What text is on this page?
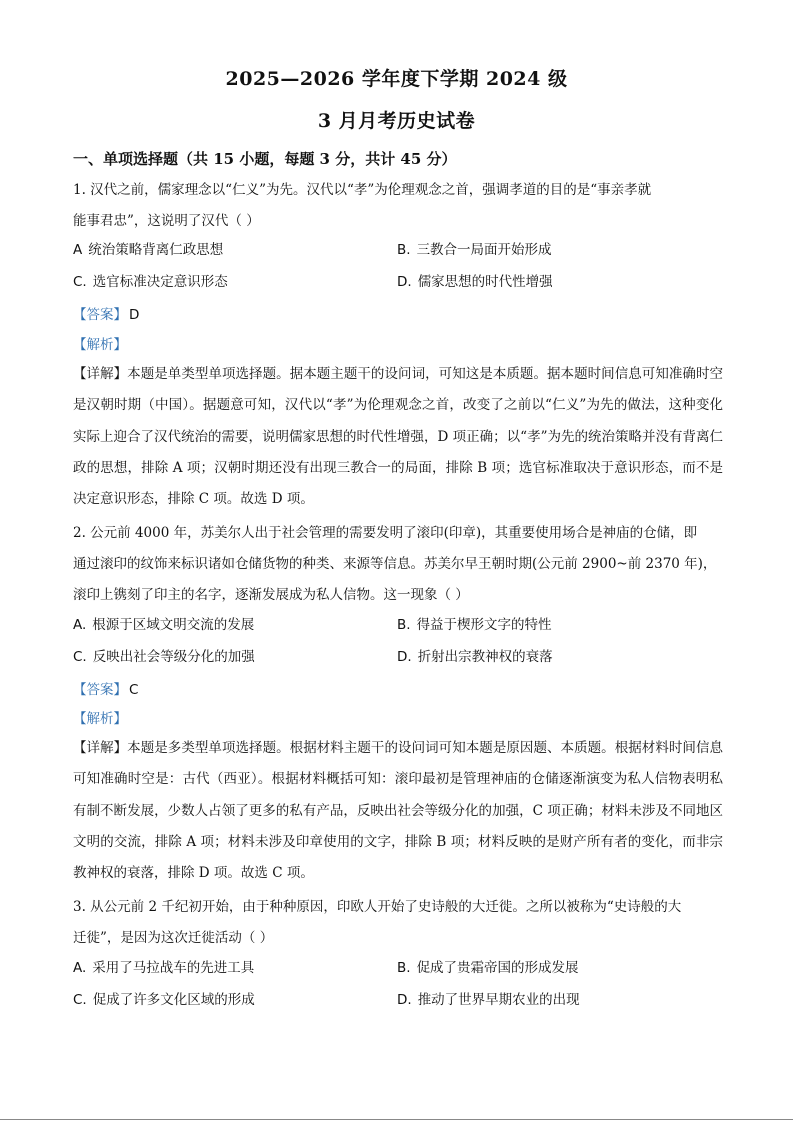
2025—2026 学年度下学期 2024 级
3 月月考历史试卷
一、单项选择题（共 15 小题，每题 3 分，共计 45 分）
1. 汉代之前，儒家理念以“仁义”为先。汉代以“孝”为伦理观念之首，强调孝道的目的是“事亲孝就
能事君忠”，这说明了汉代（ ）
A 统治策略背离仁政思想	B. 三教合一局面开始形成
C. 选官标准决定意识形态	D. 儒家思想的时代性增强
【答案】 D
【解析】
【详解】本题是单类型单项选择题。据本题主题干的设问词，可知这是本质题。据本题时间信息可知准确时空是汉朝时期（中国）。据题意可知，汉代以“孝”为伦理观念之首，改变了之前以“仁义”为先的做法，这种变化实际上迎合了汉代统治的需要，说明儒家思想的时代性增强，D 项正确；以“孝”为先的统治策略并没有背离仁政的思想，排除 A 项；汉朝时期还没有出现三教合一的局面，排除 B 项；选官标准取决于意识形态，而不是决定意识形态，排除 C 项。故选 D 项。
2. 公元前 4000 年，苏美尔人出于社会管理的需要发明了滚印(印章)，其重要使用场合是神庙的仓储，即
通过滚印的纹饰来标识诸如仓储货物的种类、来源等信息。苏美尔早王朝时期(公元前 2900~前 2370 年)，
滚印上镌刻了印主的名字，逐渐发展成为私人信物。这一现象（ ）
A. 根源于区域文明交流的发展	B. 得益于楔形文字的特性
C. 反映出社会等级分化的加强	D. 折射出宗教神权的衰落
【答案】 C
【解析】
【详解】本题是多类型单项选择题。根据材料主题干的设问词可知本题是原因题、本质题。根据材料时间信息可知准确时空是：古代（西亚）。根据材料概括可知：滚印最初是管理神庙的仓储逐渐演变为私人信物表明私有制不断发展，少数人占领了更多的私有产品，反映出社会等级分化的加强，C 项正确；材料未涉及不同地区文明的交流，排除 A 项；材料未涉及印章使用的文字，排除 B 项；材料反映的是财产所有者的变化，而非宗教神权的衰落，排除 D 项。故选 C 项。
3. 从公元前 2 千纪初开始，由于种种原因，印欧人开始了史诗般的大迁徙。之所以被称为“史诗般的大
迁徙”，是因为这次迁徙活动（ ）
A. 采用了马拉战车的先进工具	B. 促成了贵霜帝国的形成发展
C. 促成了许多文化区域的形成	D. 推动了世界早期农业的出现
